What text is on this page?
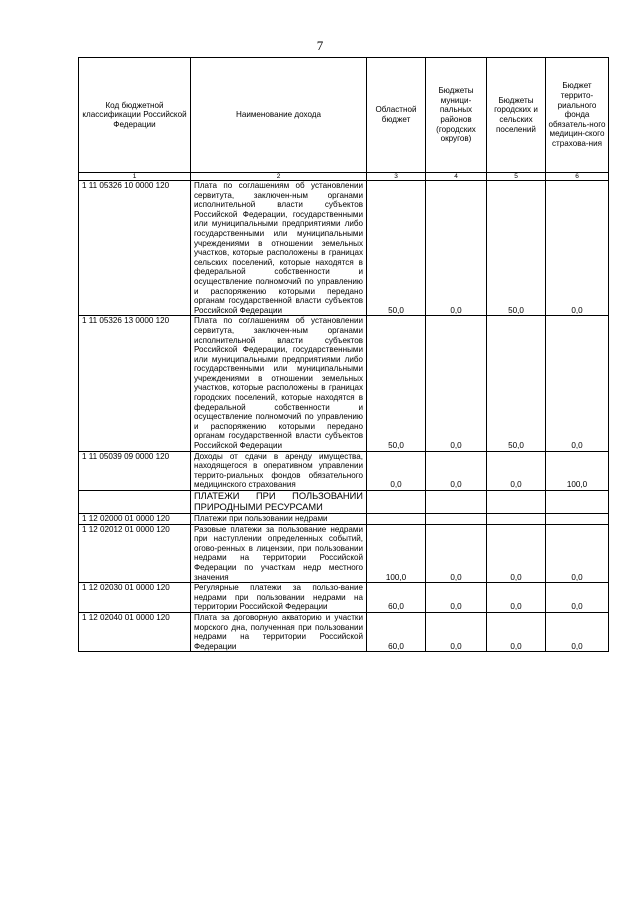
7
Код бюджетной классификации Российской Федерации	Наименование дохода	Областной бюджет	Бюджеты муници-пальных районов (городских округов)	Бюджеты городских и сельских поселений	Бюджет террито-риального фонда обязатель-ного медицин-ского страхова-ния
1	2	3	4	5	6
1 11 05326 10 0000 120	Плата по соглашениям об установлении сервитута, заключен-ным органами исполнительной власти субъектов Российской Федерации, государственными или муниципальными предприятиями либо государственными или муниципальными учреждениями в отношении земельных участков, которые расположены в границах сельских поселений, которые находятся в федеральной собственности и осуществление полномочий по управлению и распоряжению которыми передано органам государственной власти субъектов Российской Федерации	50,0	0,0	50,0	0,0
1 11 05326 13 0000 120	Плата по соглашениям об установлении сервитута, заключен-ным органами исполнительной власти субъектов Российской Федерации, государственными или муниципальными предприятиями либо государственными или муниципальными учреждениями в отношении земельных участков, которые расположены в границах городских поселений, которые находятся в федеральной собственности и осуществление полномочий по управлению и распоряжению которыми передано органам государственной власти субъектов Российской Федерации	50,0	0,0	50,0	0,0
1 11 05039 09 0000 120	Доходы от сдачи в аренду имущества, находящегося в оперативном управлении террито-риальных фондов обязательного медицинского страхования	0,0	0,0	0,0	100,0
	ПЛАТЕЖИ ПРИ ПОЛЬЗОВАНИИ ПРИРОДНЫМИ РЕСУРСАМИ				
1 12 02000 01 0000 120	Платежи при пользовании недрами				
1 12 02012 01 0000 120	Разовые платежи за пользование недрами при наступлении определенных событий, огово-ренных в лицензии, при пользовании недрами на территории Российской Федерации по участкам недр местного значения	100,0	0,0	0,0	0,0
1 12 02030 01 0000 120	Регулярные платежи за пользо-вание недрами при пользовании недрами на территории Российской Федерации	60,0	0,0	0,0	0,0
1 12 02040 01 0000 120	Плата за договорную акваторию и участки морского дна, полученная при пользовании недрами на территории Российской Федерации	60,0	0,0	0,0	0,0
